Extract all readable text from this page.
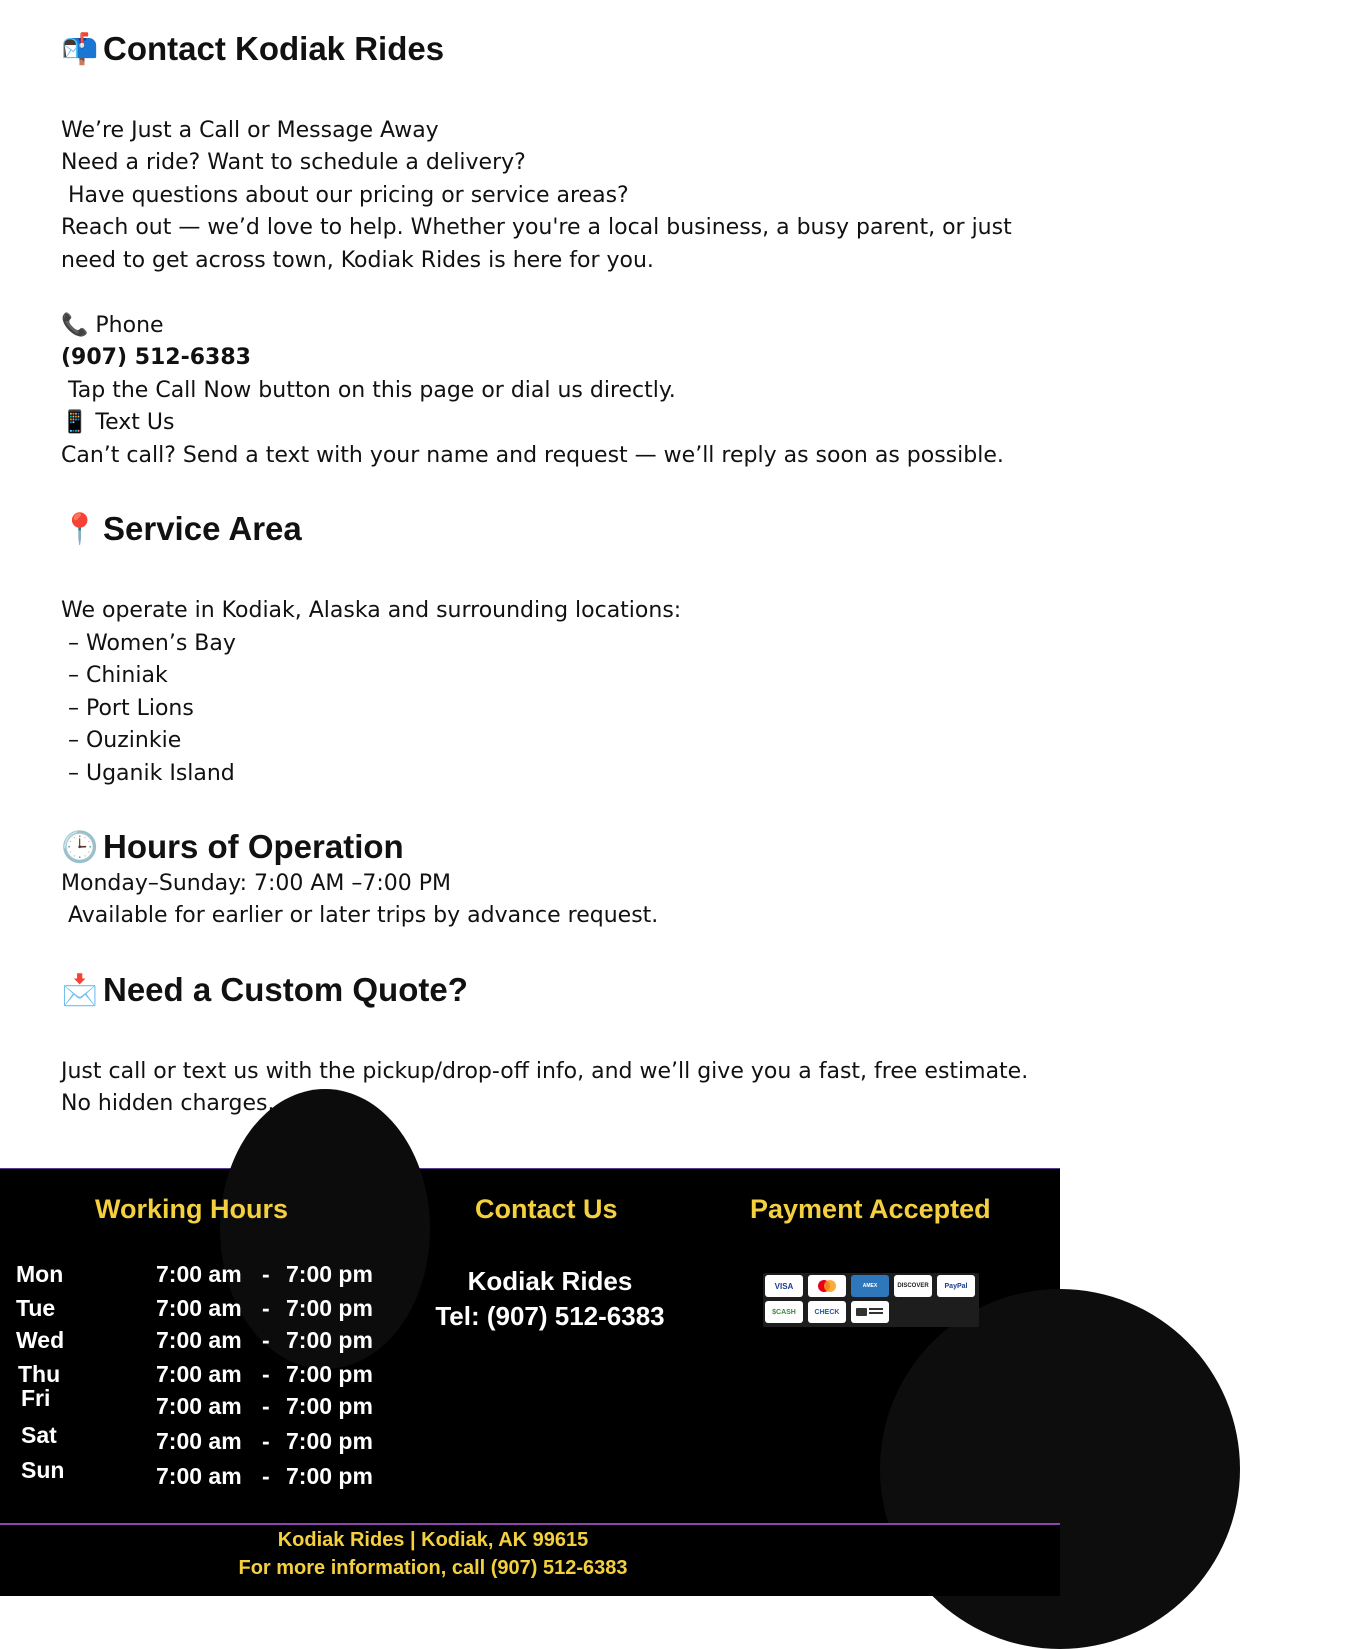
📬 Contact Kodiak Rides
We’re Just a Call or Message Away
Need a ride? Want to schedule a delivery?
Have questions about our pricing or service areas?
Reach out — we’d love to help. Whether you're a local business, a busy parent, or just
need to get across town, Kodiak Rides is here for you.
📞 Phone
(907) 512-6383
Tap the Call Now button on this page or dial us directly.
📱 Text Us
Can’t call? Send a text with your name and request — we’ll reply as soon as possible.
📍 Service Area
We operate in Kodiak, Alaska and surrounding locations:
– Women’s Bay
– Chiniak
– Port Lions
– Ouzinkie
– Uganik Island
🕒 Hours of Operation
Monday–Sunday: 7:00 AM –7:00 PM
Available for earlier or later trips by advance request.
📩 Need a Custom Quote?
Just call or text us with the pickup/drop-off info, and we’ll give you a fast, free estimate.
No hidden charges.
Working Hours	Contact Us	Payment Accepted
Mon	7:00 am - 7:00 pm
Tue	7:00 am - 7:00 pm
Wed	7:00 am - 7:00 pm
Thu	7:00 am - 7:00 pm
Fri	7:00 am - 7:00 pm
Sat	7:00 am - 7:00 pm
Sun	7:00 am - 7:00 pm
Kodiak Rides
Tel: (907) 512-6383
VISA	AMEX	DISCOVER	PayPal
$CASH	CHECK
Kodiak Rides | Kodiak, AK 99615
For more information, call (907) 512-6383
